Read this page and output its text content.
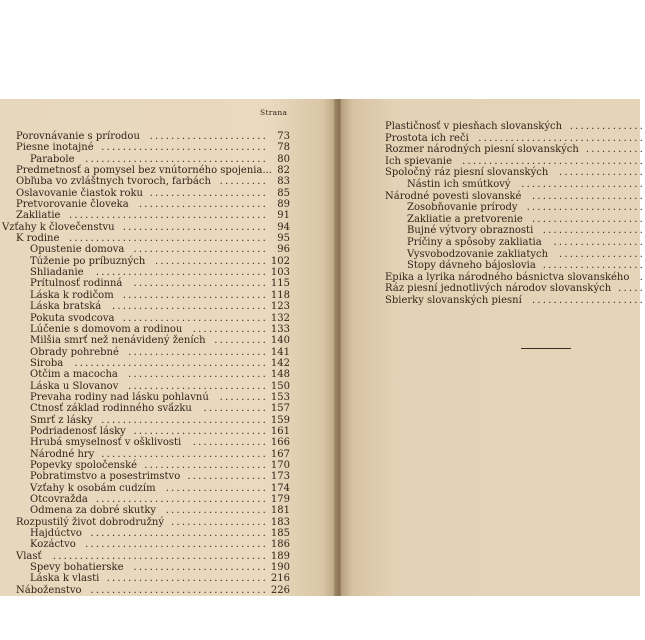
Strana
Porovnávanie s prírodou ...................... 73
Piesne inotajné ............................... 78
Parabole .................................. 80
Predmetnosť a pomysel bez vnútorného spojenia... 82
Obľuba vo zvláštnych tvoroch, farbách ......... 83
Oslavovanie čiastok roku ...................... 85
Pretvorovanie človeka ........................ 89
Zakliatie ..................................... 91
Vzťahy k človečenstvu ........................... 94
K rodine ..................................... 95
Opustenie domova ......................... 96
Túženie po príbuzných ..................... 102
Shliadanie ................................ 103
Prítulnosť rodinná ......................... 115
Láska k rodičom ........................... 118
Láska bratská ............................. 123
Pokuta svodcova ........................... 132
Lúčenie s domovom a rodinou .............. 133
Milšia smrť než nenávidený ženích .......... 140
Obrady pohrebné .......................... 141
Siroba .................................... 142
Otčim a macocha .......................... 148
Láska u Slovanov .......................... 150
Prevaha rodiny nad lásku pohlavnú ......... 153
Ctnosť základ rodinného svä́zku ............ 157
Smrť z lásky ............................... 159
Podriadenosť lásky ......................... 161
Hrubá smyselnosť v ošklivosti .............. 166
Národné hry ............................... 167
Popevky spoločenské ....................... 170
Pobratimstvo a posestrimstvo ............... 173
Vzťahy k osobám cudzím ................... 174
Otcovražda ................................ 179
Odmena za dobré skutky ................... 181
Rozpustilý život dobrodružný .................. 183
Hajdúctvo ................................. 185
Kozáctvo .................................. 186
Vlasť ........................................ 189
Spevy bohatierske ......................... 190
Láska k vlasti .............................. 216
Náboženstvo ................................. 226
Plastičnosť v piesňach slovanských ..............
Prostota ich reči ...............................
Rozmer národných piesní slovanských ...........
Ich spievanie ..................................
Spoločný ráz piesní slovanských ................
Nástin ich smútkový .......................
Národné povesti slovanské .....................
Zosobňovanie prírody ......................
Zakliatie a pretvorenie .....................
Bujné výtvory obraznosti ...................
Príčiny a spôsoby zakliatia .................
Vysvobodzovanie zakliatych ................
Stopy dávneho bájoslovia ...................
Epika a lyrika národného básnictva slovanského .
Ráz piesní jednotlivých národov slovanských .....
Sbierky slovanských piesní .....................
